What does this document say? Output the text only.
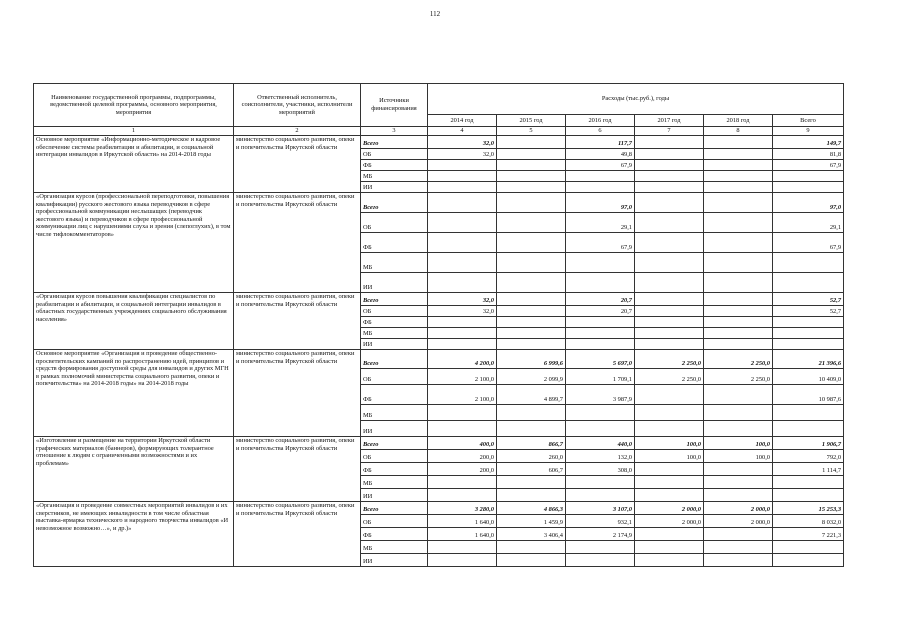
112
Наименование государственной программы, подпрограммы, ведомственной целевой программы, основного мероприятия, мероприятия	Ответственный исполнитель, соисполнители, участники, исполнители мероприятий	Источники финансирования	Расходы (тыс.руб.), годы					
			2014 год	2015 год	2016 год	2017 год	2018 год	Всего
1	2	3	4	5	6	7	8	9
Основное мероприятие «Информационно-методическое и кадровое обеспечение системы реабилитации и абилитации, и социальной интеграции инвалидов в Иркутской области» на 2014-2018 годы	министерство социального развития, опеки и попечительства Иркутской области	Всего	32,0		117,7			149,7
		ОБ	32,0		49,8			81,8
		ФБ			67,9			67,9
		МБ						
		ИИ						
«Организация курсов (профессиональной переподготовки, повышения квалификации) русского жестового языка переводчиков в сфере профессиональной коммуникации неслышащих (переводчик жестового языка) и переводчиков в сфере профессиональной коммуникации лиц с нарушениями слуха и зрения (слепоглухих), в том числе тифлокомментаторов»	министерство социального развития, опеки и попечительства Иркутской области	Всего			97,0			97,0
		ОБ			29,1			29,1
		ФБ			67,9			67,9
		МБ						
		ИИ						
«Организация курсов повышения квалификации специалистов по реабилитации и абилитации, и социальной интеграции инвалидов в областных государственных учреждениях социального обслуживания населения»	министерство социального развития, опеки и попечительства Иркутской области	Всего	32,0		20,7			52,7
		ОБ	32,0		20,7			52,7
		ФБ						
		МБ						
		ИИ						
Основное мероприятие «Организация и проведение общественно-просветительских кампаний по распространению идей, принципов и средств формирования доступной среды для инвалидов и других МГН в рамках полномочий министерства социального развития, опеки и попечительства» на 2014-2018 годы» на 2014-2018 годы	министерство социального развития, опеки и попечительства Иркутской области	Всего	4 200,0	6 999,6	5 697,0	2 250,0	2 250,0	21 396,6
		ОБ	2 100,0	2 099,9	1 709,1	2 250,0	2 250,0	10 409,0
		ФБ	2 100,0	4 899,7	3 987,9			10 987,6
		МБ						
		ИИ						
«Изготовление и размещение на территории Иркутской области графических материалов (баннеров), формирующих толерантное отношение к людям с ограниченными возможностями и их проблемам»	министерство социального развития, опеки и попечительства Иркутской области	Всего	400,0	866,7	440,0	100,0	100,0	1 906,7
		ОБ	200,0	260,0	132,0	100,0	100,0	792,0
		ФБ	200,0	606,7	308,0			1 114,7
		МБ						
		ИИ						
«Организация и проведение совместных мероприятий инвалидов и их сверстников, не имеющих инвалидности в том числе областная выставка-ярмарка технического и народного творчества инвалидов «И невозможное возможно…», и др.)»	министерство социального развития, опеки и попечительства Иркутской области	Всего	3 280,0	4 866,3	3 107,0	2 000,0	2 000,0	15 253,3
		ОБ	1 640,0	1 459,9	932,1	2 000,0	2 000,0	8 032,0
		ФБ	1 640,0	3 406,4	2 174,9			7 221,3
		МБ						
		ИИ						
